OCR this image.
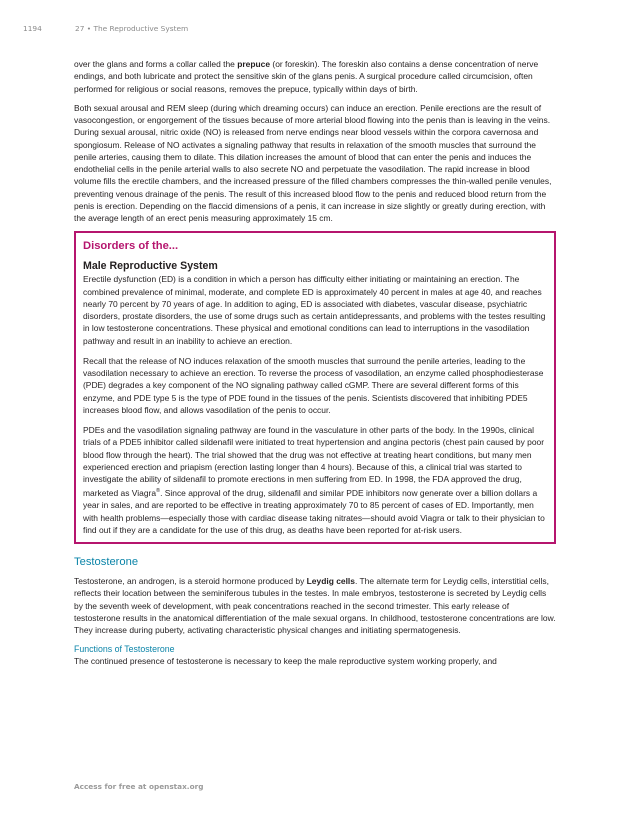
1194	27 • The Reproductive System

over the glans and forms a collar called the prepuce (or foreskin). The foreskin also contains a dense concentration of nerve endings, and both lubricate and protect the sensitive skin of the glans penis. A surgical procedure called circumcision, often performed for religious or social reasons, removes the prepuce, typically within days of birth.

Both sexual arousal and REM sleep (during which dreaming occurs) can induce an erection. Penile erections are the result of vasocongestion, or engorgement of the tissues because of more arterial blood flowing into the penis than is leaving in the veins. During sexual arousal, nitric oxide (NO) is released from nerve endings near blood vessels within the corpora cavernosa and spongiosum. Release of NO activates a signaling pathway that results in relaxation of the smooth muscles that surround the penile arteries, causing them to dilate. This dilation increases the amount of blood that can enter the penis and induces the endothelial cells in the penile arterial walls to also secrete NO and perpetuate the vasodilation. The rapid increase in blood volume fills the erectile chambers, and the increased pressure of the filled chambers compresses the thin-walled penile venules, preventing venous drainage of the penis. The result of this increased blood flow to the penis and reduced blood return from the penis is erection. Depending on the flaccid dimensions of a penis, it can increase in size slightly or greatly during erection, with the average length of an erect penis measuring approximately 15 cm.

Disorders of the...
Male Reproductive System

Erectile dysfunction (ED) is a condition in which a person has difficulty either initiating or maintaining an erection. The combined prevalence of minimal, moderate, and complete ED is approximately 40 percent in males at age 40, and reaches nearly 70 percent by 70 years of age. In addition to aging, ED is associated with diabetes, vascular disease, psychiatric disorders, prostate disorders, the use of some drugs such as certain antidepressants, and problems with the testes resulting in low testosterone concentrations. These physical and emotional conditions can lead to interruptions in the vasodilation pathway and result in an inability to achieve an erection.

Recall that the release of NO induces relaxation of the smooth muscles that surround the penile arteries, leading to the vasodilation necessary to achieve an erection. To reverse the process of vasodilation, an enzyme called phosphodiesterase (PDE) degrades a key component of the NO signaling pathway called cGMP. There are several different forms of this enzyme, and PDE type 5 is the type of PDE found in the tissues of the penis. Scientists discovered that inhibiting PDE5 increases blood flow, and allows vasodilation of the penis to occur.

PDEs and the vasodilation signaling pathway are found in the vasculature in other parts of the body. In the 1990s, clinical trials of a PDE5 inhibitor called sildenafil were initiated to treat hypertension and angina pectoris (chest pain caused by poor blood flow through the heart). The trial showed that the drug was not effective at treating heart conditions, but many men experienced erection and priapism (erection lasting longer than 4 hours). Because of this, a clinical trial was started to investigate the ability of sildenafil to promote erections in men suffering from ED. In 1998, the FDA approved the drug, marketed as Viagra®. Since approval of the drug, sildenafil and similar PDE inhibitors now generate over a billion dollars a year in sales, and are reported to be effective in treating approximately 70 to 85 percent of cases of ED. Importantly, men with health problems—especially those with cardiac disease taking nitrates—should avoid Viagra or talk to their physician to find out if they are a candidate for the use of this drug, as deaths have been reported for at-risk users.

Testosterone

Testosterone, an androgen, is a steroid hormone produced by Leydig cells. The alternate term for Leydig cells, interstitial cells, reflects their location between the seminiferous tubules in the testes. In male embryos, testosterone is secreted by Leydig cells by the seventh week of development, with peak concentrations reached in the second trimester. This early release of testosterone results in the anatomical differentiation of the male sexual organs. In childhood, testosterone concentrations are low. They increase during puberty, activating characteristic physical changes and initiating spermatogenesis.

Functions of Testosterone

The continued presence of testosterone is necessary to keep the male reproductive system working properly, and

Access for free at openstax.org
